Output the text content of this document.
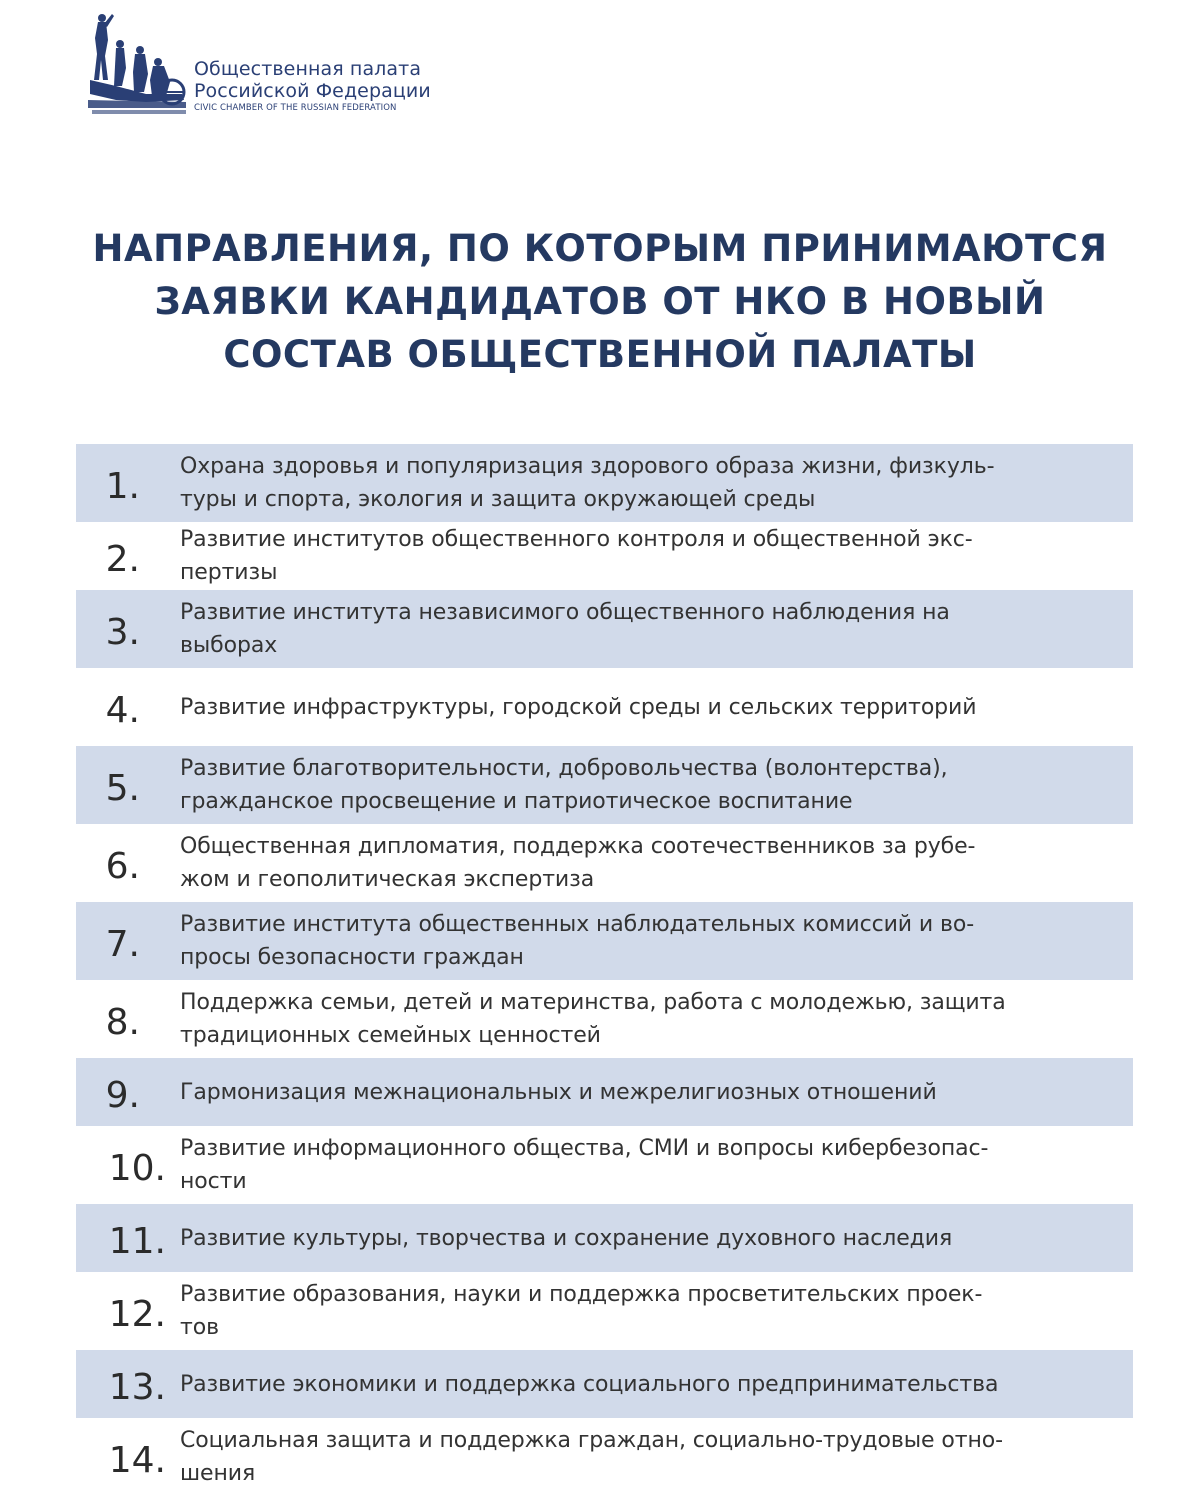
Общественная палата
Российской Федерации
CIVIC CHAMBER OF THE RUSSIAN FEDERATION
НАПРАВЛЕНИЯ, ПО КОТОРЫМ ПРИНИМАЮТСЯ
ЗАЯВКИ КАНДИДАТОВ ОТ НКО В НОВЫЙ
СОСТАВ ОБЩЕСТВЕННОЙ ПАЛАТЫ
1.	Охрана здоровья и популяризация здорового образа жизни, физкуль-
туры и спорта, экология и защита окружающей среды
2.	Развитие институтов общественного контроля и общественной экс-
пертизы
3.	Развитие института независимого общественного наблюдения на
выборах
4.	Развитие инфраструктуры, городской среды и сельских территорий
5.	Развитие благотворительности, добровольчества (волонтерства),
гражданское просвещение и патриотическое воспитание
6.	Общественная дипломатия, поддержка соотечественников за рубе-
жом и геополитическая экспертиза
7.	Развитие института общественных наблюдательных комиссий и во-
просы безопасности граждан
8.	Поддержка семьи, детей и материнства, работа с молодежью, защита
традиционных семейных ценностей
9.	Гармонизация межнациональных и межрелигиозных отношений
10. Развитие информационного общества, СМИ и вопросы кибербезопас-
ности
11. Развитие культуры, творчества и сохранение духовного наследия
12. Развитие образования, науки и поддержка просветительских проек-
тов
13. Развитие экономики и поддержка социального предпринимательства
14. Социальная защита и поддержка граждан, социально-трудовые отно-
шения
